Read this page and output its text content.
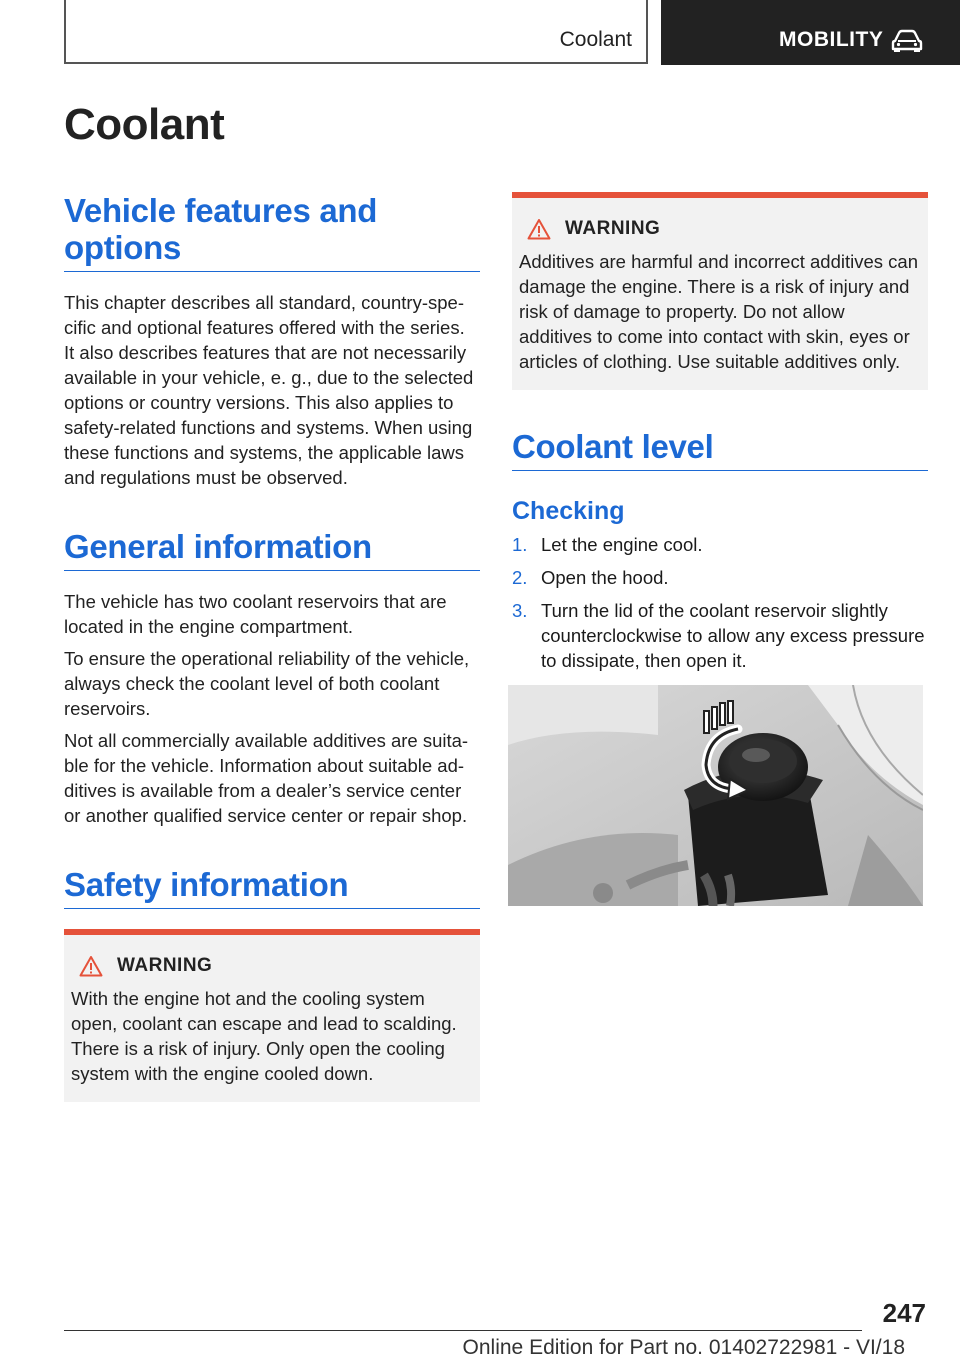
Coolant	MOBILITY
Coolant
Vehicle features and options

This chapter describes all standard, country-specific and optional features offered with the series. It also describes features that are not necessarily available in your vehicle, e. g., due to the selected options or country versions. This also applies to safety-related functions and systems. When using these functions and systems, the applicable laws and regulations must be observed.

General information

The vehicle has two coolant reservoirs that are located in the engine compartment.

To ensure the operational reliability of the vehicle, always check the coolant level of both coolant reservoirs.

Not all commercially available additives are suitable for the vehicle. Information about suitable additives is available from a dealer’s service center or another qualified service center or repair shop.

Safety information
WARNING
With the engine hot and the cooling system open, coolant can escape and lead to scalding. There is a risk of injury. Only open the cooling system with the engine cooled down.
WARNING
Additives are harmful and incorrect additives can damage the engine. There is a risk of injury and risk of damage to property. Do not allow additives to come into contact with skin, eyes or articles of clothing. Use suitable additives only.
Coolant level
Checking
1. Let the engine cool.
2. Open the hood.
3. Turn the lid of the coolant reservoir slightly counterclockwise to allow any excess pressure to dissipate, then open it.
247
Online Edition for Part no. 01402722981 - VI/18
